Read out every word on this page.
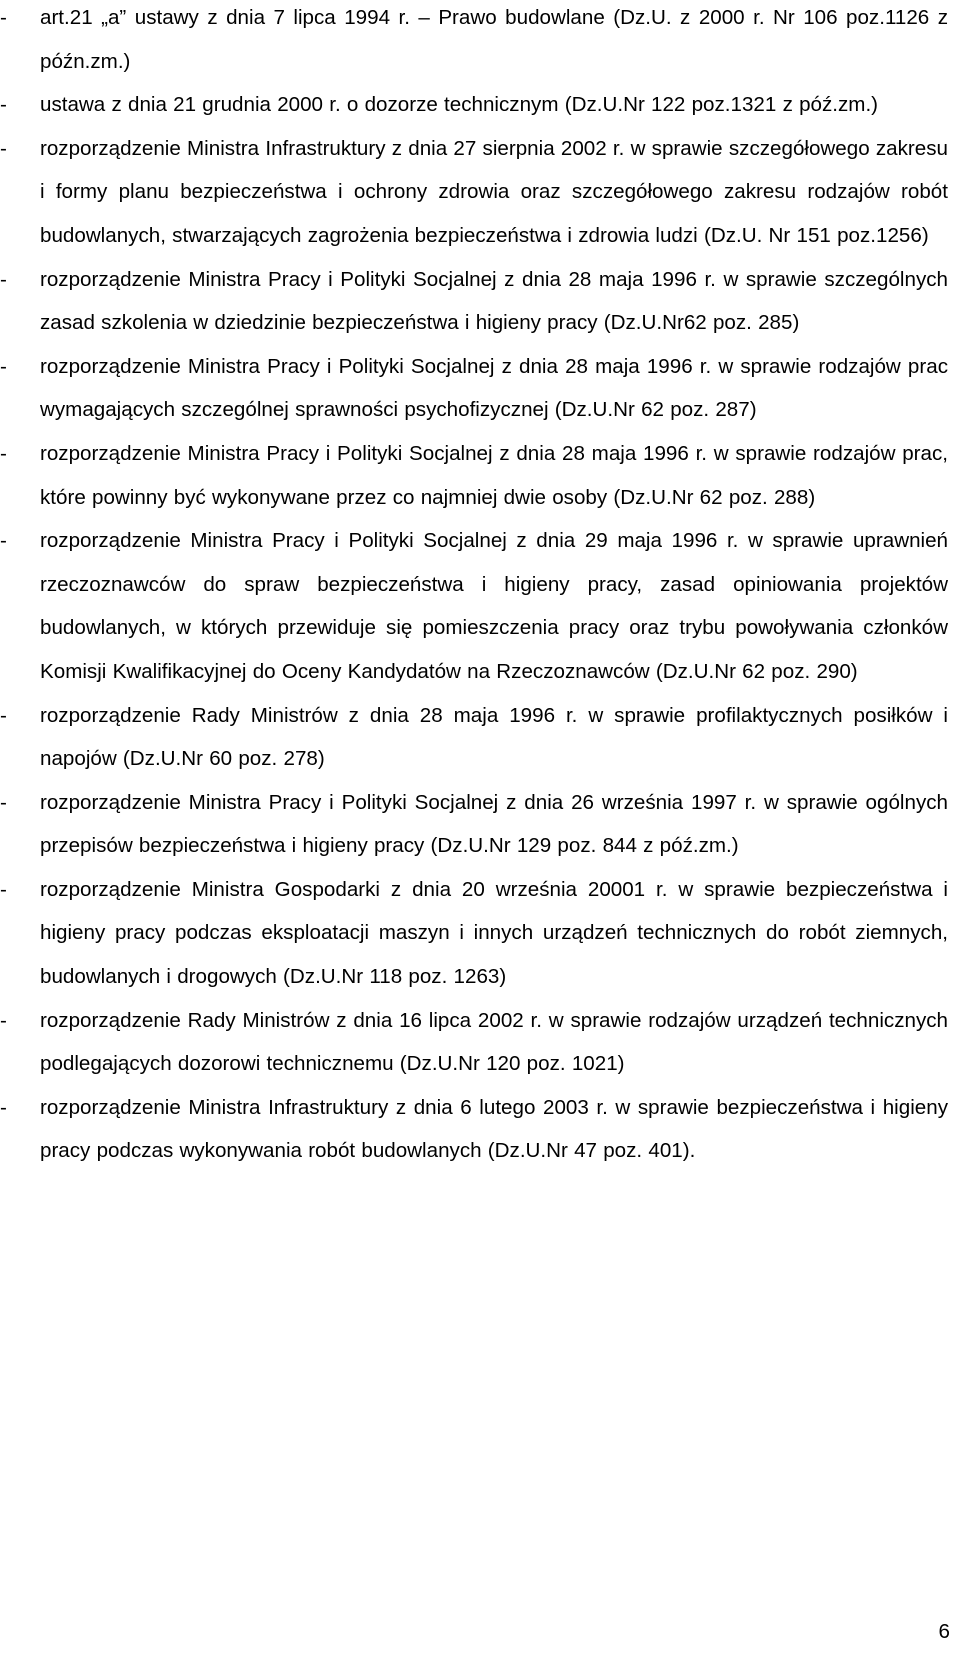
-	art.21 „a” ustawy z dnia 7 lipca 1994 r. – Prawo budowlane (Dz.U. z 2000 r. Nr 106 poz.1126 z późn.zm.)
-	ustawa z dnia 21 grudnia 2000 r. o dozorze technicznym (Dz.U.Nr 122 poz.1321 z póź.zm.)
-	rozporządzenie Ministra Infrastruktury z dnia 27 sierpnia 2002 r. w sprawie szczegółowego zakresu i formy planu bezpieczeństwa i ochrony zdrowia oraz szczegółowego zakresu rodzajów robót budowlanych, stwarzających zagrożenia bezpieczeństwa i zdrowia ludzi (Dz.U. Nr 151 poz.1256)
-	rozporządzenie Ministra Pracy i Polityki Socjalnej z dnia 28 maja 1996 r. w sprawie szczególnych zasad szkolenia w dziedzinie bezpieczeństwa i higieny pracy (Dz.U.Nr62 poz. 285)
-	rozporządzenie Ministra Pracy i Polityki Socjalnej z dnia 28 maja 1996 r. w sprawie rodzajów prac wymagających szczególnej sprawności psychofizycznej (Dz.U.Nr 62 poz. 287)
-	rozporządzenie Ministra Pracy i Polityki Socjalnej z dnia 28 maja 1996 r. w sprawie rodzajów prac, które powinny być wykonywane przez co najmniej dwie osoby (Dz.U.Nr 62 poz. 288)
-	rozporządzenie Ministra Pracy i Polityki Socjalnej z dnia 29 maja 1996 r. w sprawie uprawnień rzeczoznawców do spraw bezpieczeństwa i higieny pracy, zasad opiniowania projektów budowlanych, w których przewiduje się pomieszczenia pracy oraz trybu powoływania członków Komisji Kwalifikacyjnej do Oceny Kandydatów na Rzeczoznawców (Dz.U.Nr 62 poz. 290)
-	rozporządzenie Rady Ministrów z dnia 28 maja 1996 r. w sprawie profilaktycznych posiłków i napojów (Dz.U.Nr 60 poz. 278)
-	rozporządzenie Ministra Pracy i Polityki Socjalnej z dnia 26 września 1997 r. w sprawie ogólnych przepisów bezpieczeństwa i higieny pracy (Dz.U.Nr 129 poz. 844 z póź.zm.)
-	rozporządzenie Ministra Gospodarki z dnia 20 września 20001 r. w sprawie bezpieczeństwa i higieny pracy podczas eksploatacji maszyn i innych urządzeń technicznych do robót ziemnych, budowlanych i drogowych (Dz.U.Nr 118 poz. 1263)
-	rozporządzenie Rady Ministrów z dnia 16 lipca 2002 r. w sprawie rodzajów urządzeń technicznych podlegających dozorowi technicznemu (Dz.U.Nr 120 poz. 1021)
-	rozporządzenie Ministra Infrastruktury z dnia 6 lutego 2003 r. w sprawie bezpieczeństwa i higieny pracy podczas wykonywania robót budowlanych (Dz.U.Nr 47 poz. 401).
6
